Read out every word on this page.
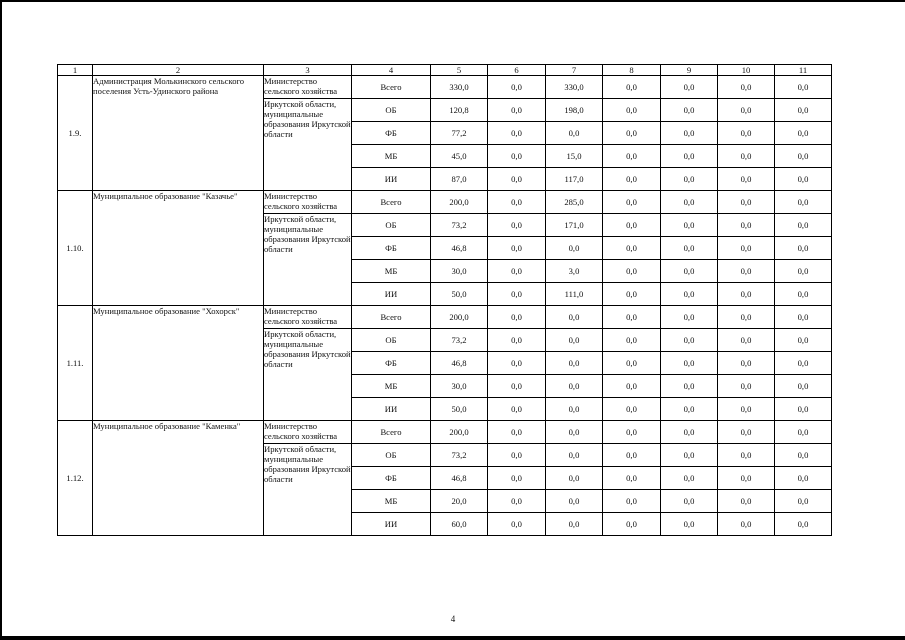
1	2	3	4	5	6	7	8	9	10	11
1.9.	Администрация Молькинского сельского поселения Усть-Удинского района	Министерство сельского хозяйства	Всего	330,0	0,0	330,0	0,0	0,0	0,0	0,0
		Иркутской области, муниципальные образования Иркутской области	ОБ	120,8	0,0	198,0	0,0	0,0	0,0	0,0
			ФБ	77,2	0,0	0,0	0,0	0,0	0,0	0,0
			МБ	45,0	0,0	15,0	0,0	0,0	0,0	0,0
			ИИ	87,0	0,0	117,0	0,0	0,0	0,0	0,0
1.10.	Муниципальное образование "Казачье"	Министерство сельского хозяйства	Всего	200,0	0,0	285,0	0,0	0,0	0,0	0,0
		Иркутской области, муниципальные образования Иркутской области	ОБ	73,2	0,0	171,0	0,0	0,0	0,0	0,0
			ФБ	46,8	0,0	0,0	0,0	0,0	0,0	0,0
			МБ	30,0	0,0	3,0	0,0	0,0	0,0	0,0
			ИИ	50,0	0,0	111,0	0,0	0,0	0,0	0,0
1.11.	Муниципальное образование "Хохорск"	Министерство сельского хозяйства	Всего	200,0	0,0	0,0	0,0	0,0	0,0	0,0
		Иркутской области, муниципальные образования Иркутской области	ОБ	73,2	0,0	0,0	0,0	0,0	0,0	0,0
			ФБ	46,8	0,0	0,0	0,0	0,0	0,0	0,0
			МБ	30,0	0,0	0,0	0,0	0,0	0,0	0,0
			ИИ	50,0	0,0	0,0	0,0	0,0	0,0	0,0
1.12.	Муниципальное образование "Каменка"	Министерство сельского хозяйства	Всего	200,0	0,0	0,0	0,0	0,0	0,0	0,0
		Иркутской области, муниципальные образования Иркутской области	ОБ	73,2	0,0	0,0	0,0	0,0	0,0	0,0
			ФБ	46,8	0,0	0,0	0,0	0,0	0,0	0,0
			МБ	20,0	0,0	0,0	0,0	0,0	0,0	0,0
			ИИ	60,0	0,0	0,0	0,0	0,0	0,0	0,0
4
